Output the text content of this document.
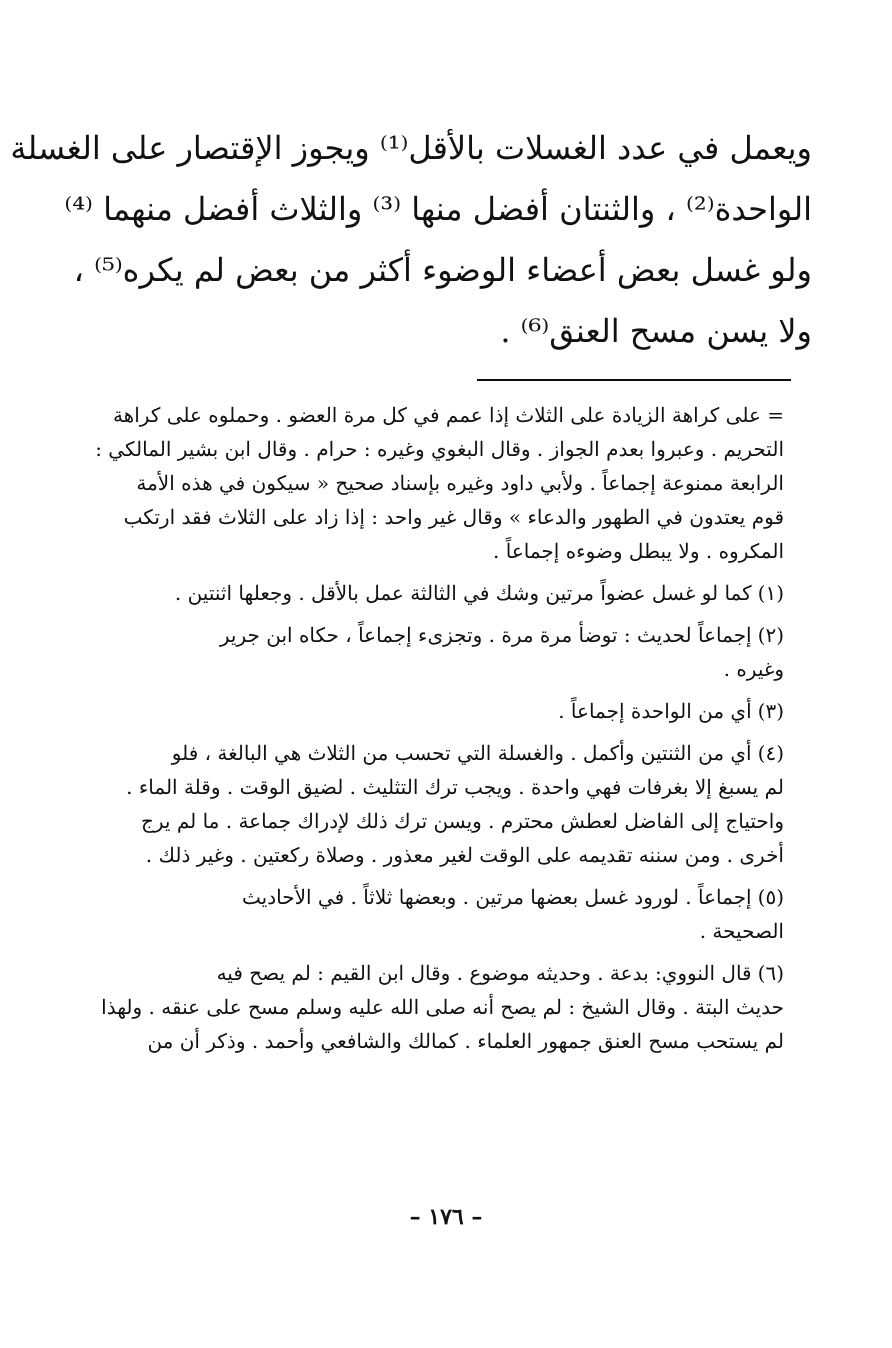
ويعمل في عدد الغسلات بالأقل⁽¹⁾ ويجوز الإقتصار على الغسلة
الواحدة⁽²⁾ ، والثنتان أفضل منها ⁽³⁾ والثلاث أفضل منهما ⁽⁴⁾
ولو غسل بعض أعضاء الوضوء أكثر من بعض لم يكره⁽⁵⁾ ،
ولا يسن مسح العنق⁽⁶⁾ .
= على كراهة الزيادة على الثلاث إذا عمم في كل مرة العضو . وحملوه على كراهة
التحريم . وعبروا بعدم الجواز . وقال البغوي وغيره : حرام . وقال ابن بشير المالكي :
الرابعة ممنوعة إجماعاً . ولأبي داود وغيره بإسناد صحيح « سيكون في هذه الأمة
قوم يعتدون في الطهور والدعاء » وقال غير واحد : إذا زاد على الثلاث فقد ارتكب
المكروه . ولا يبطل وضوءه إجماعاً .
(١)كما لو غسل عضواً مرتين وشك في الثالثة عمل بالأقل . وجعلها اثنتين .
(٢)إجماعاً لحديث : توضأ مرة مرة . وتجزىء إجماعاً ، حكاه ابن جرير
وغيره .
(٣)أي من الواحدة إجماعاً .
(٤)أي من الثنتين وأكمل . والغسلة التي تحسب من الثلاث هي البالغة ، فلو
لم يسبغ إلا بغرفات فهي واحدة . ويجب ترك التثليث . لضيق الوقت . وقلة الماء .
واحتياج إلى الفاضل لعطش محترم . ويسن ترك ذلك لإدراك جماعة . ما لم يرج
أخرى . ومن سننه تقديمه على الوقت لغير معذور . وصلاة ركعتين . وغير ذلك .
(٥)إجماعاً . لورود غسل بعضها مرتين . وبعضها ثلاثاً . في الأحاديث
الصحيحة .
(٦)قال النووي: بدعة . وحديثه موضوع . وقال ابن القيم : لم يصح فيه
حديث البتة . وقال الشيخ : لم يصح أنه صلى الله عليه وسلم مسح على عنقه . ولهذا
لم يستحب مسح العنق جمهور العلماء . كمالك والشافعي وأحمد . وذكر أن من
– ١٧٦ –
